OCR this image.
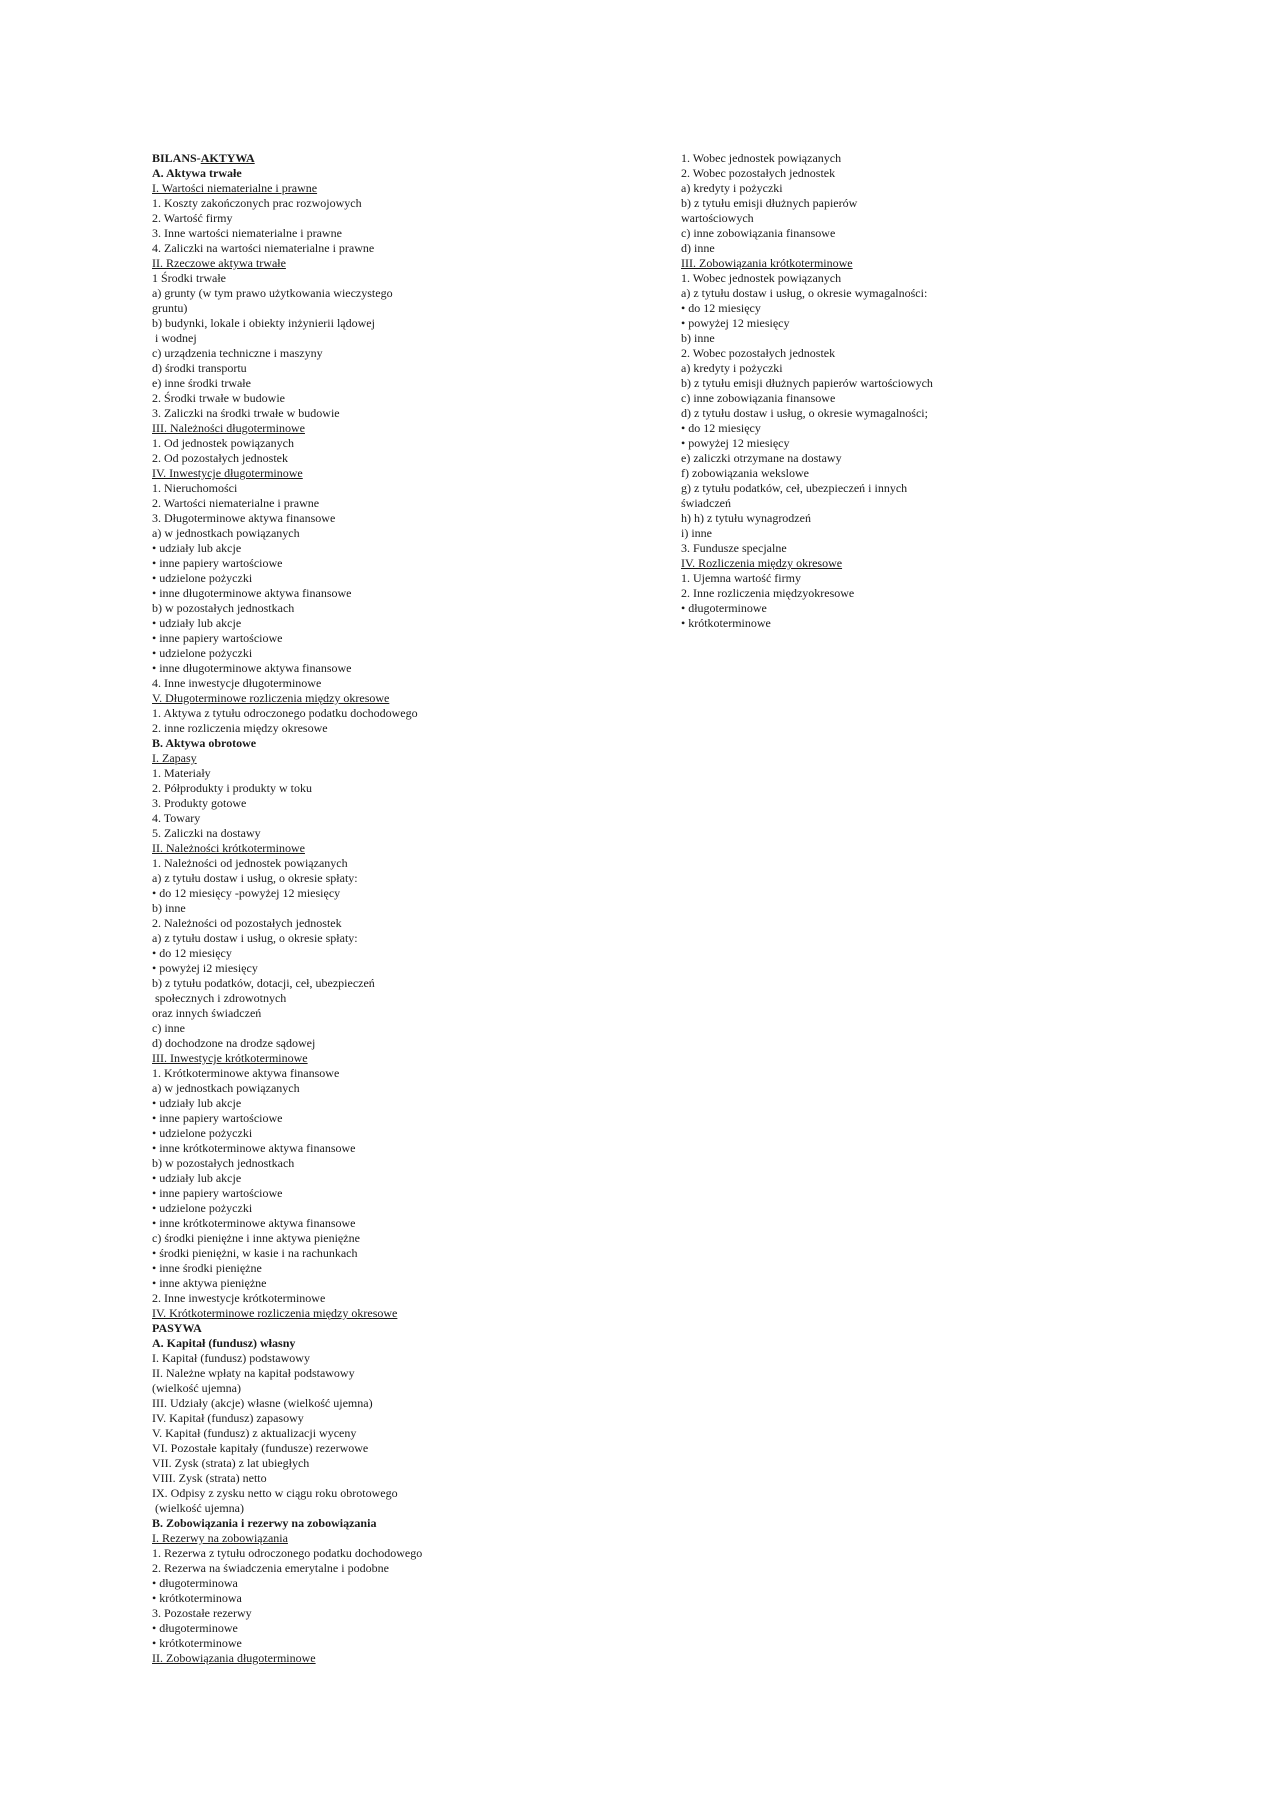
BILANS-AKTYWA
A. Aktywa trwałe
I. Wartości niematerialne i prawne
1. Koszty zakończonych prac rozwojowych
2. Wartość firmy
3. Inne wartości niematerialne i prawne
4. Zaliczki na wartości niematerialne i prawne
II. Rzeczowe aktywa trwałe
1 Środki trwałe
a) grunty (w tym prawo użytkowania wieczystego
gruntu)
b) budynki, lokale i obiekty inżynierii lądowej
i wodnej
c) urządzenia techniczne i maszyny
d) środki transportu
e) inne środki trwałe
2. Środki trwałe w budowie
3. Zaliczki na środki trwałe w budowie
III. Należności długoterminowe
1. Od jednostek powiązanych
2. Od pozostałych jednostek
IV. Inwestycje długoterminowe
1. Nieruchomości
2. Wartości niematerialne i prawne
3. Długoterminowe aktywa finansowe
a) w jednostkach powiązanych
• udziały lub akcje
• inne papiery wartościowe
• udzielone pożyczki
• inne długoterminowe aktywa finansowe
b) w pozostałych jednostkach
• udziały lub akcje
• inne papiery wartościowe
• udzielone pożyczki
• inne długoterminowe aktywa finansowe
4. Inne inwestycje długoterminowe
V. Długoterminowe rozliczenia między okresowe
1. Aktywa z tytułu odroczonego podatku dochodowego
2. inne rozliczenia między okresowe
B. Aktywa obrotowe
I. Zapasy
1. Materiały
2. Półprodukty i produkty w toku
3. Produkty gotowe
4. Towary
5. Zaliczki na dostawy
II. Należności krótkoterminowe
1. Należności od jednostek powiązanych
a) z tytułu dostaw i usług, o okresie spłaty:
• do 12 miesięcy -powyżej 12 miesięcy
b) inne
2. Należności od pozostałych jednostek
a) z tytułu dostaw i usług, o okresie spłaty:
• do 12 miesięcy
• powyżej i2 miesięcy
b) z tytułu podatków, dotacji, ceł, ubezpieczeń
społecznych i zdrowotnych
oraz innych świadczeń
c) inne
d) dochodzone na drodze sądowej
III. Inwestycje krótkoterminowe
1. Krótkoterminowe aktywa finansowe
a) w jednostkach powiązanych
• udziały lub akcje
• inne papiery wartościowe
• udzielone pożyczki
• inne krótkoterminowe aktywa finansowe
b) w pozostałych jednostkach
• udziały lub akcje
• inne papiery wartościowe
• udzielone pożyczki
• inne krótkoterminowe aktywa finansowe
c) środki pieniężne i inne aktywa pieniężne
• środki pieniężni, w kasie i na rachunkach
• inne środki pieniężne
• inne aktywa pieniężne
2. Inne inwestycje krótkoterminowe
IV. Krótkoterminowe rozliczenia między okresowe
PASYWA
A. Kapitał (fundusz) własny
I. Kapitał (fundusz) podstawowy
II. Należne wpłaty na kapitał podstawowy
(wielkość ujemna)
III. Udziały (akcje) własne (wielkość ujemna)
IV. Kapitał (fundusz) zapasowy
V. Kapitał (fundusz) z aktualizacji wyceny
VI. Pozostałe kapitały (fundusze) rezerwowe
VII. Zysk (strata) z lat ubiegłych
VIII. Zysk (strata) netto
IX. Odpisy z zysku netto w ciągu roku obrotowego
(wielkość ujemna)
B. Zobowiązania i rezerwy na zobowiązania
I. Rezerwy na zobowiązania
1. Rezerwa z tytułu odroczonego podatku dochodowego
2. Rezerwa na świadczenia emerytalne i podobne
• długoterminowa
• krótkoterminowa
3. Pozostałe rezerwy
• długoterminowe
• krótkoterminowe
II. Zobowiązania długoterminowe
1. Wobec jednostek powiązanych
2. Wobec pozostałych jednostek
a) kredyty i pożyczki
b) z tytułu emisji dłużnych papierów
wartościowych
c) inne zobowiązania finansowe
d) inne
III. Zobowiązania krótkoterminowe
1. Wobec jednostek powiązanych
a) z tytułu dostaw i usług, o okresie wymagalności:
• do 12 miesięcy
• powyżej 12 miesięcy
b) inne
2. Wobec pozostałych jednostek
a) kredyty i pożyczki
b) z tytułu emisji dłużnych papierów wartościowych
c) inne zobowiązania finansowe
d) z tytułu dostaw i usług, o okresie wymagalności;
• do 12 miesięcy
• powyżej 12 miesięcy
e) zaliczki otrzymane na dostawy
f) zobowiązania wekslowe
g) z tytułu podatków, ceł, ubezpieczeń i innych
świadczeń
h) h) z tytułu wynagrodzeń
i) inne
3. Fundusze specjalne
IV. Rozliczenia między okresowe
1. Ujemna wartość firmy
2. Inne rozliczenia międzyokresowe
• długoterminowe
• krótkoterminowe
